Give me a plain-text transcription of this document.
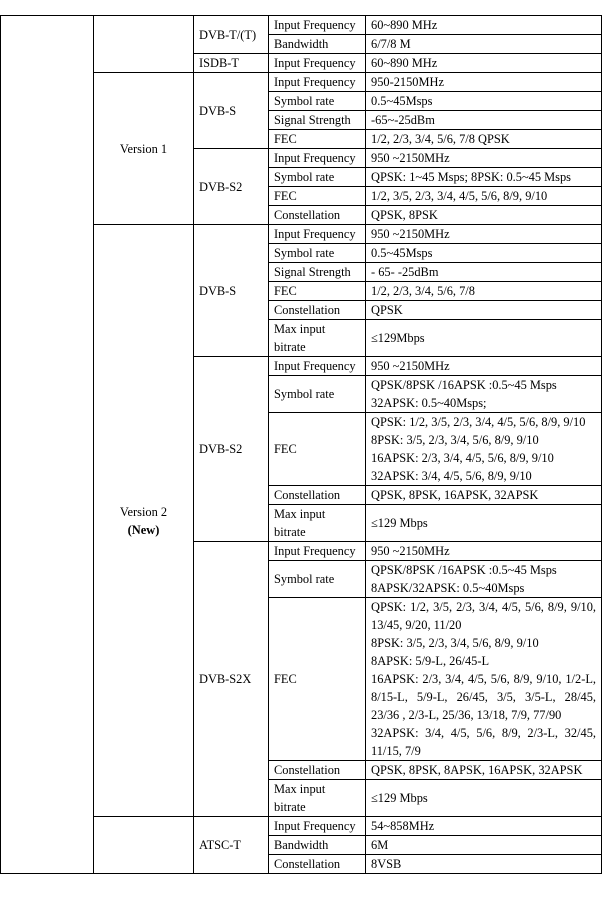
	DVB-T/(T)	Input Frequency	60~890 MHz

			Bandwidth	6/7/8 M

		ISDB-T	Input Frequency	60~890 MHz

	Version 1	DVB-S	Input Frequency	950-2150MHz

			Symbol rate	0.5~45Msps

			Signal Strength	-65~-25dBm

			FEC	1/2, 2/3, 3/4, 5/6, 7/8 QPSK

		DVB-S2	Input Frequency	950 ~2150MHz

			Symbol rate	QPSK: 1~45 Msps; 8PSK: 0.5~45 Msps

			FEC	1/2, 3/5, 2/3, 3/4, 4/5, 5/6, 8/9, 9/10

			Constellation	QPSK, 8PSK

	Version 2
(New)	DVB-S	Input Frequency	950 ~2150MHz

			Symbol rate	0.5~45Msps

			Signal Strength	- 65- -25dBm

			FEC	1/2, 2/3, 3/4, 5/6, 7/8

			Constellation	QPSK

			Max input bitrate	≤129Mbps

		DVB-S2	Input Frequency	950 ~2150MHz

			Symbol rate	QPSK/8PSK /16APSK :0.5~45 Msps
32APSK: 0.5~40Msps;

			FEC	QPSK: 1/2, 3/5, 2/3, 3/4, 4/5, 5/6, 8/9, 9/10
8PSK: 3/5, 2/3, 3/4, 5/6, 8/9, 9/10
16APSK: 2/3, 3/4, 4/5, 5/6, 8/9, 9/10
32APSK: 3/4, 4/5, 5/6, 8/9, 9/10

			Constellation	QPSK, 8PSK, 16APSK, 32APSK

			Max input bitrate	≤129 Mbps

		DVB-S2X	Input Frequency	950 ~2150MHz

			Symbol rate	QPSK/8PSK /16APSK :0.5~45 Msps
8APSK/32APSK: 0.5~40Msps

			FEC	QPSK: 1/2, 3/5, 2/3, 3/4, 4/5, 5/6, 8/9, 9/10, 13/45, 9/20, 11/20
8PSK: 3/5, 2/3, 3/4, 5/6, 8/9, 9/10
8APSK: 5/9-L, 26/45-L
16APSK: 2/3, 3/4, 4/5, 5/6, 8/9, 9/10, 1/2-L, 8/15-L, 5/9-L, 26/45, 3/5, 3/5-L, 28/45, 23/36 , 2/3-L, 25/36, 13/18, 7/9, 77/90
32APSK: 3/4, 4/5, 5/6, 8/9, 2/3-L, 32/45, 11/15, 7/9

			Constellation	QPSK, 8PSK, 8APSK, 16APSK, 32APSK

			Max input bitrate	≤129 Mbps

		ATSC-T	Input Frequency	54~858MHz

			Bandwidth	6M

			Constellation	8VSB
